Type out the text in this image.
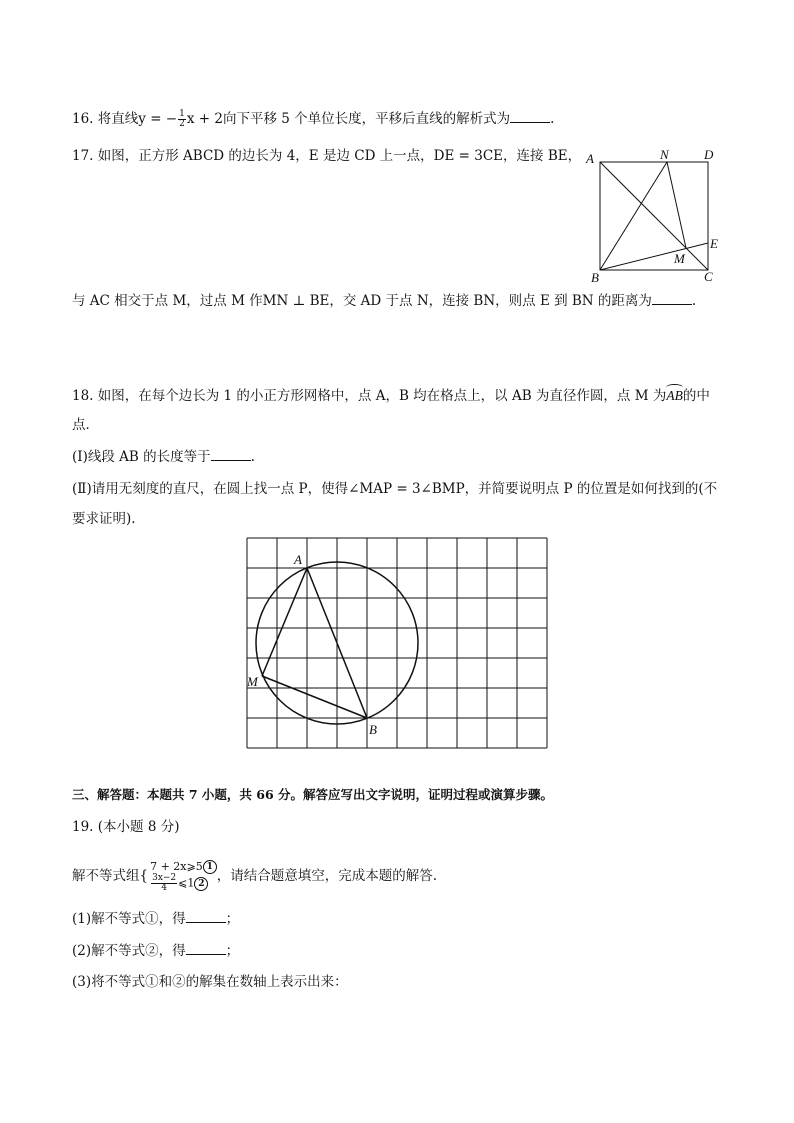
16. 将直线y = − $\frac{1}{2}$ x + 2向下平移 5 个单位长度，平移后直线的解析式为	.
17. 如图，正方形 ABCD 的边长为 4，E 是边 CD 上一点，DE = 3CE，连接 BE，
与 AC 相交于点 M，过点 M 作MN ⊥ BE，交 AD 于点 N，连接 BN，则点 E 到 BN 的距离为	.
A	N	D
E
M
B	C
18. 如图，在每个边长为 1 的小正方形网格中，点 A，B 均在格点上，以 AB 为直径作圆，点 M 为AB的中
点．
(Ⅰ)线段 AB 的长度等于	.
(Ⅱ)请用无刻度的直尺，在圆上找一点 P，使得∠MAP = 3∠BMP，并简要说明点 P 的位置是如何找到的(不
要求证明).
A
M
B
三、解答题：本题共 7 小题，共 66 分。解答应写出文字说明，证明过程或演算步骤。
19. (本小题 8 分)
解不等式组{
7 + 2x⩾5 1
$\frac{3x-2}{4}$ ⩽1 2 ，请结合题意填空，完成本题的解答.
(1)解不等式①，得	；
(2)解不等式②，得	；
(3)将不等式①和②的解集在数轴上表示出来：
